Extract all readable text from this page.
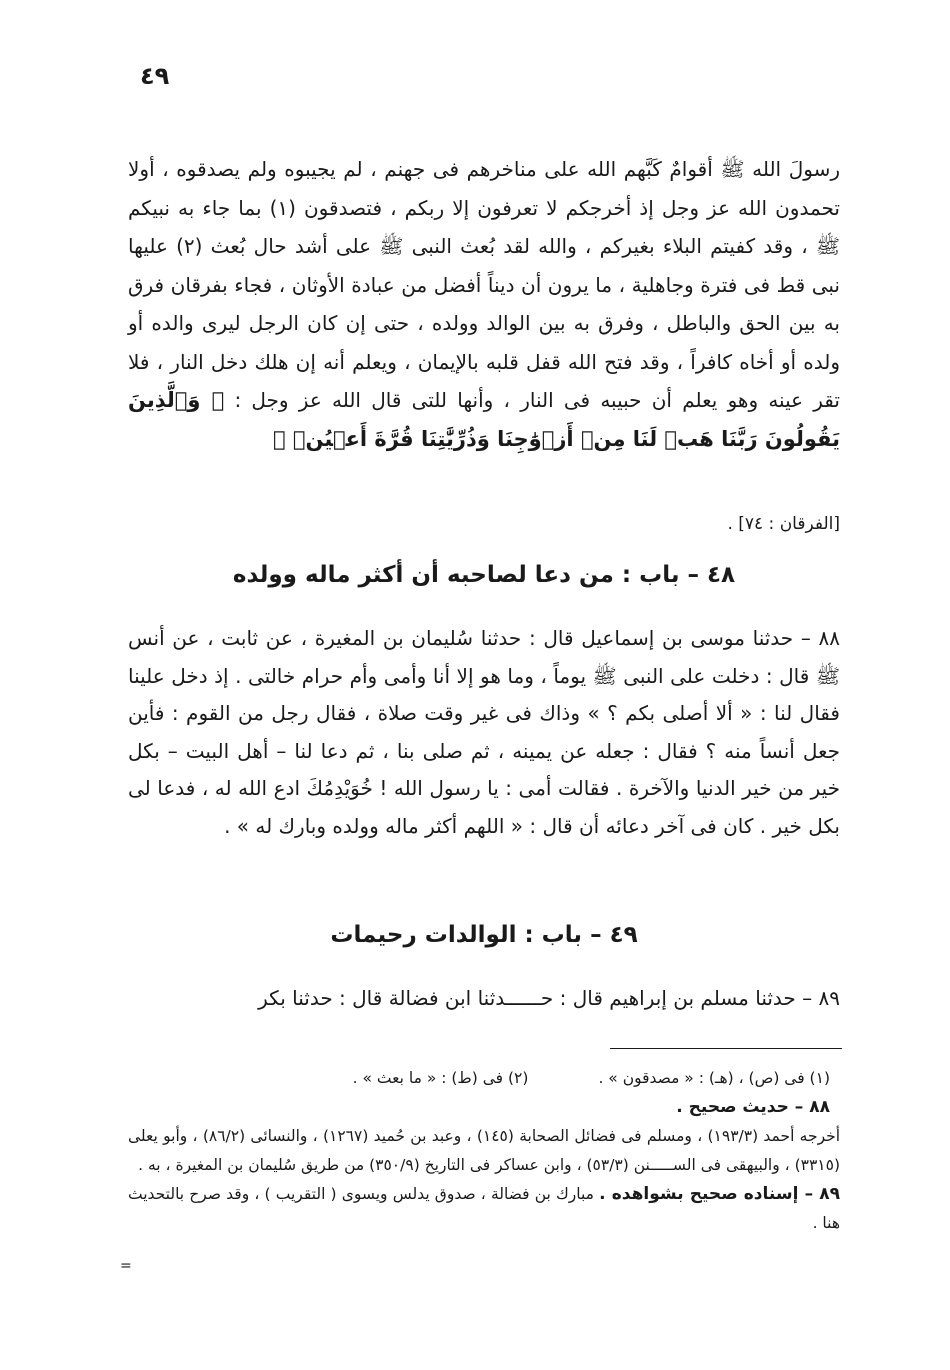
٤٩

رسولَ الله ﷺ أقوامٌ كَبَّهم الله على مناخرهم فى جهنم ، لم يجيبوه ولم يصدقوه ، أولا تحمدون الله عز وجل إذ أخرجكم لا تعرفون إلا ربكم ، فتصدقون (١) بما جاء به نبيكم ﷺ ، وقد كفيتم البلاء بغيركم ، والله لقد بُعث النبى ﷺ على أشد حال بُعث (٢) عليها نبى قط فى فترة وجاهلية ، ما يرون أن ديناً أفضل من عبادة الأوثان ، فجاء بفرقان فرق به بين الحق والباطل ، وفرق به بين الوالد وولده ، حتى إن كان الرجل ليرى والده أو ولده أو أخاه كافراً ، وقد فتح الله قفل قلبه بالإيمان ، ويعلم أنه إن هلك دخل النار ، فلا تقر عينه وهو يعلم أن حبيبه فى النار ، وأنها للتى قال الله عز وجل : ﴿ وَٱلَّذِينَ يَقُولُونَ رَبَّنَا هَبۡ لَنَا مِنۡ أَزۡوَٰجِنَا وَذُرِّيَّٰتِنَا قُرَّةَ أَعۡيُنٖ ﴾

[الفرقان : ٧٤] .
٤٨ – باب : من دعا لصاحبه أن أكثر ماله وولده

٨٨ – حدثنا موسى بن إسماعيل قال : حدثنا سُليمان بن المغيرة ، عن ثابت ، عن أنس ﷺ قال : دخلت على النبى ﷺ يوماً ، وما هو إلا أنا وأمى وأم حرام خالتى . إذ دخل علينا فقال لنا : « ألا أصلى بكم ؟ » وذاك فى غير وقت صلاة ، فقال رجل من القوم : فأين جعل أنساً منه ؟ فقال : جعله عن يمينه ، ثم صلى بنا ، ثم دعا لنا – أهل البيت – بكل خير من خير الدنيا والآخرة . فقالت أمى : يا رسول الله ! خُوَيْدِمُكَ ادع الله له ، فدعا لى بكل خير . كان فى آخر دعائه أن قال : « اللهم أكثر ماله وولده وبارك له » .

٤٩ – باب : الوالدات رحيمات

٨٩ – حدثنا مسلم بن إبراهيم قال : حــــــدثنا ابن فضالة قال : حدثنا بكر

(١) فى (ص) ، (هـ) : « مصدقون » .
(٢) فى (ط) : « ما بعث » .
٨٨ – حديث صحيح .
أخرجه أحمد (١٩٣/٣) ، ومسلم فى فضائل الصحابة (١٤٥) ، وعبد بن حُميد (١٢٦٧) ، والنسائى (٨٦/٢) ، وأبو يعلى (٣٣١٥) ، والبيهقى فى الســـــنن (٥٣/٣) ، وابن عساكر فى التاريخ (٣٥٠/٩) من طريق سُليمان بن المغيرة ، به .
٨٩ – إسناده صحيح بشواهده . مبارك بن فضالة ، صدوق يدلس ويسوى ( التقريب ) ، وقد صرح بالتحديث هنا .
=
